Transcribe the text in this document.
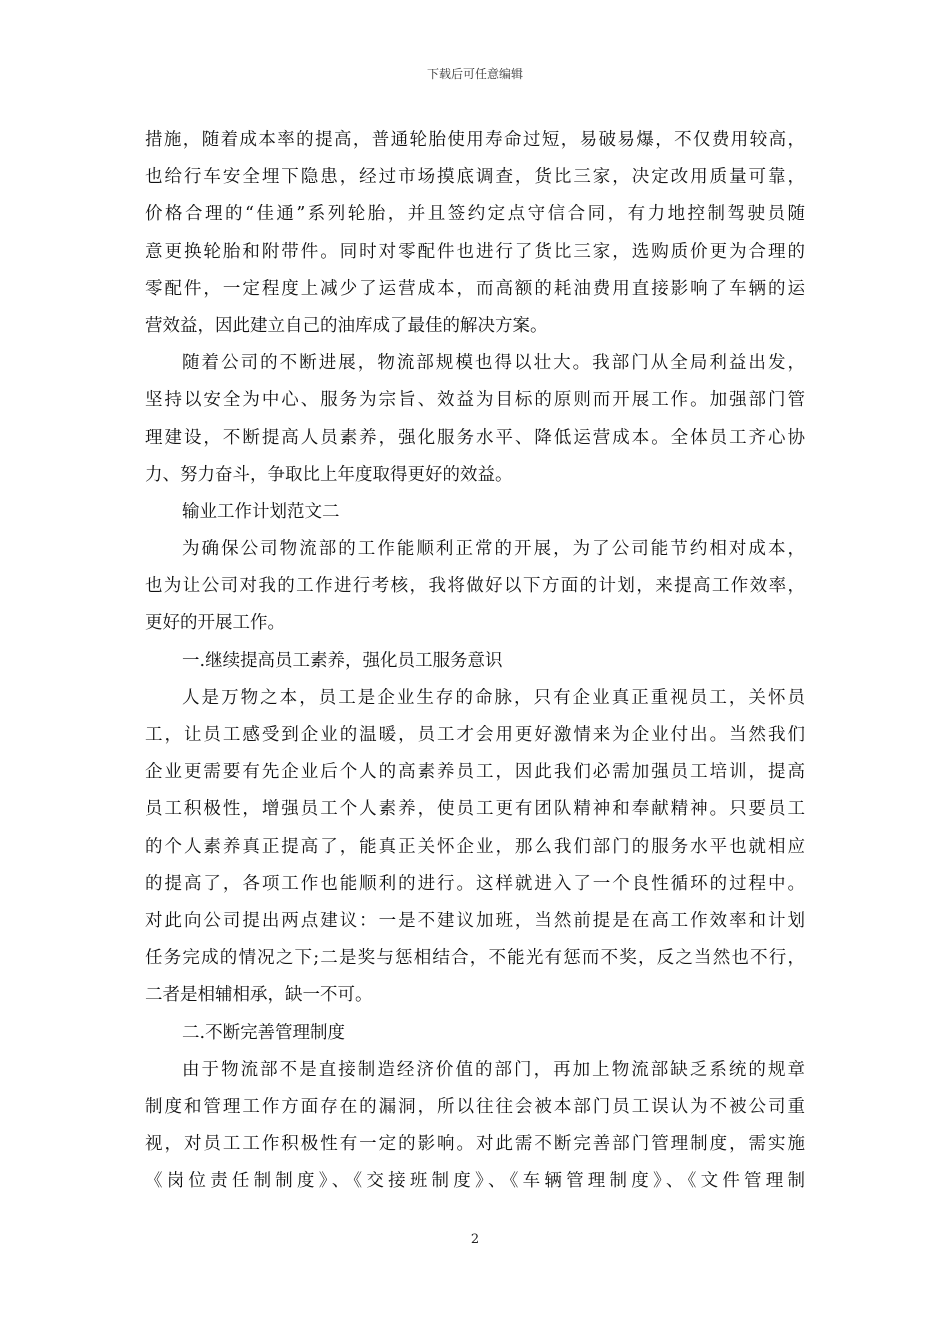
下载后可任意编辑
措施，随着成本率的提高，普通轮胎使用寿命过短，易破易爆，不仅费用较高，
也给行车安全埋下隐患，经过市场摸底调查，货比三家，决定改用质量可靠，
价格合理的“佳通”系列轮胎，并且签约定点守信合同，有力地控制驾驶员随
意更换轮胎和附带件。同时对零配件也进行了货比三家，选购质价更为合理的
零配件，一定程度上减少了运营成本，而高额的耗油费用直接影响了车辆的运
营效益，因此建立自己的油库成了最佳的解决方案。
随着公司的不断进展，物流部规模也得以壮大。我部门从全局利益出发，
坚持以安全为中心、服务为宗旨、效益为目标的原则而开展工作。加强部门管
理建设，不断提高人员素养，强化服务水平、降低运营成本。全体员工齐心协
力、努力奋斗，争取比上年度取得更好的效益。
输业工作计划范文二
为确保公司物流部的工作能顺利正常的开展，为了公司能节约相对成本，
也为让公司对我的工作进行考核，我将做好以下方面的计划，来提高工作效率，
更好的开展工作。
一.继续提高员工素养，强化员工服务意识
人是万物之本，员工是企业生存的命脉，只有企业真正重视员工，关怀员
工，让员工感受到企业的温暖，员工才会用更好激情来为企业付出。当然我们
企业更需要有先企业后个人的高素养员工，因此我们必需加强员工培训，提高
员工积极性，增强员工个人素养，使员工更有团队精神和奉献精神。只要员工
的个人素养真正提高了，能真正关怀企业，那么我们部门的服务水平也就相应
的提高了，各项工作也能顺利的进行。这样就进入了一个良性循环的过程中。
对此向公司提出两点建议：一是不建议加班，当然前提是在高工作效率和计划
任务完成的情况之下;二是奖与惩相结合，不能光有惩而不奖，反之当然也不行，
二者是相辅相承，缺一不可。
二.不断完善管理制度
由于物流部不是直接制造经济价值的部门，再加上物流部缺乏系统的规章
制度和管理工作方面存在的漏洞，所以往往会被本部门员工误认为不被公司重
视，对员工工作积极性有一定的影响。对此需不断完善部门管理制度，需实施
《岗位责任制制度》、《交接班制度》、《车辆管理制度》、《文件管理制
2
